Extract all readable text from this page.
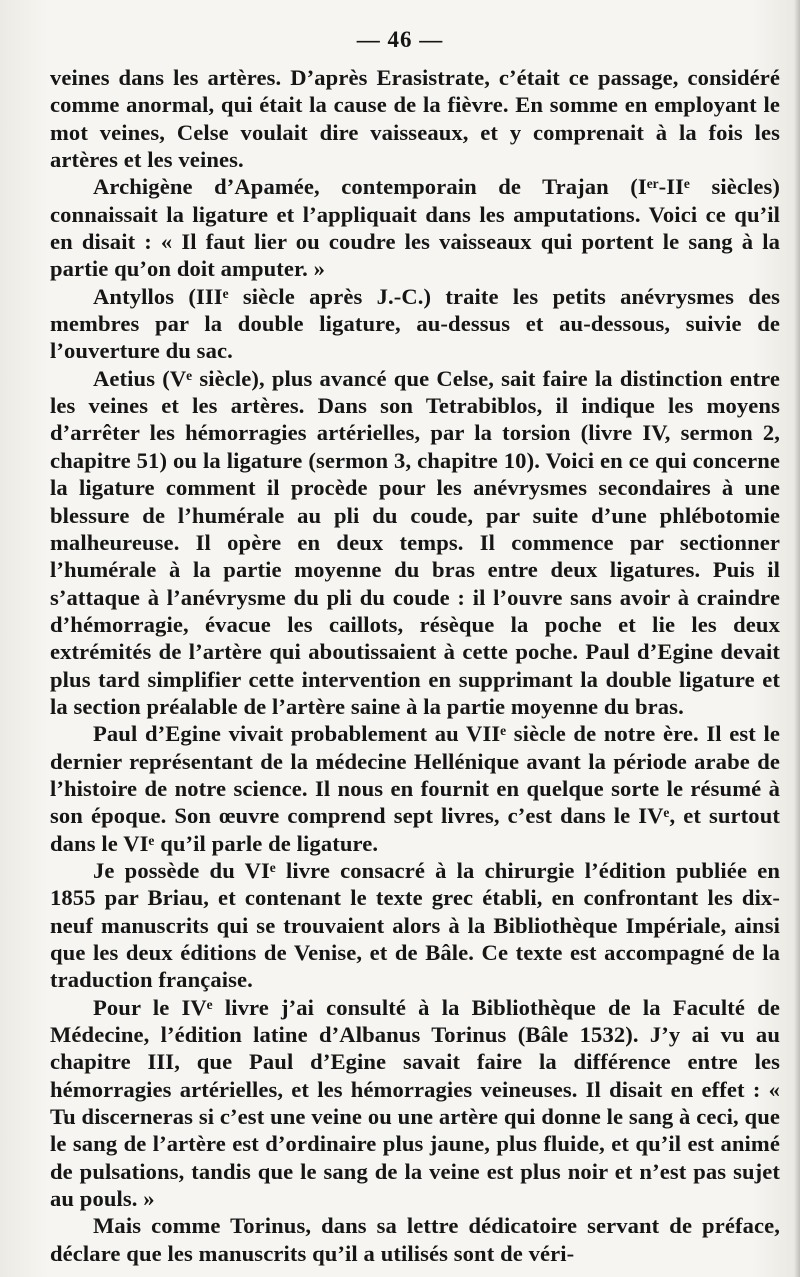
— 46 —

veines dans les artères. D’après Erasistrate, c’était ce passage, considéré comme anormal, qui était la cause de la fièvre. En somme en employant le mot veines, Celse voulait dire vaisseaux, et y comprenait à la fois les artères et les veines.

Archigène d’Apamée, contemporain de Trajan (Iᵉʳ-IIᵉ siècles) connaissait la ligature et l’appliquait dans les amputations. Voici ce qu’il en disait : « Il faut lier ou coudre les vaisseaux qui portent le sang à la partie qu’on doit amputer. »

Antyllos (IIIᵉ siècle après J.-C.) traite les petits anévrysmes des membres par la double ligature, au-dessus et au-dessous, suivie de l’ouverture du sac.

Aetius (Vᵉ siècle), plus avancé que Celse, sait faire la distinction entre les veines et les artères. Dans son Tetrabiblos, il indique les moyens d’arrêter les hémorragies artérielles, par la torsion (livre IV, sermon 2, chapitre 51) ou la ligature (sermon 3, chapitre 10). Voici en ce qui concerne la ligature comment il procède pour les anévrysmes secondaires à une blessure de l’humérale au pli du coude, par suite d’une phlébotomie malheureuse. Il opère en deux temps. Il commence par sectionner l’humérale à la partie moyenne du bras entre deux ligatures. Puis il s’attaque à l’anévrysme du pli du coude : il l’ouvre sans avoir à craindre d’hémorragie, évacue les caillots, résèque la poche et lie les deux extrémités de l’artère qui aboutissaient à cette poche. Paul d’Egine devait plus tard simplifier cette intervention en supprimant la double ligature et la section préalable de l’artère saine à la partie moyenne du bras.

Paul d’Egine vivait probablement au VIIᵉ siècle de notre ère. Il est le dernier représentant de la médecine Hellénique avant la période arabe de l’histoire de notre science. Il nous en fournit en quelque sorte le résumé à son époque. Son œuvre comprend sept livres, c’est dans le IVᵉ, et surtout dans le VIᵉ qu’il parle de ligature.

Je possède du VIᵉ livre consacré à la chirurgie l’édition publiée en 1855 par Briau, et contenant le texte grec établi, en confrontant les dix-neuf manuscrits qui se trouvaient alors à la Bibliothèque Impériale, ainsi que les deux éditions de Venise, et de Bâle. Ce texte est accompagné de la traduction française.

Pour le IVᵉ livre j’ai consulté à la Bibliothèque de la Faculté de Médecine, l’édition latine d’Albanus Torinus (Bâle 1532). J’y ai vu au chapitre III, que Paul d’Egine savait faire la différence entre les hémorragies artérielles, et les hémorragies veineuses. Il disait en effet : « Tu discerneras si c’est une veine ou une artère qui donne le sang à ceci, que le sang de l’artère est d’ordinaire plus jaune, plus fluide, et qu’il est animé de pulsations, tandis que le sang de la veine est plus noir et n’est pas sujet au pouls. »

Mais comme Torinus, dans sa lettre dédicatoire servant de préface, déclare que les manuscrits qu’il a utilisés sont de véri-
